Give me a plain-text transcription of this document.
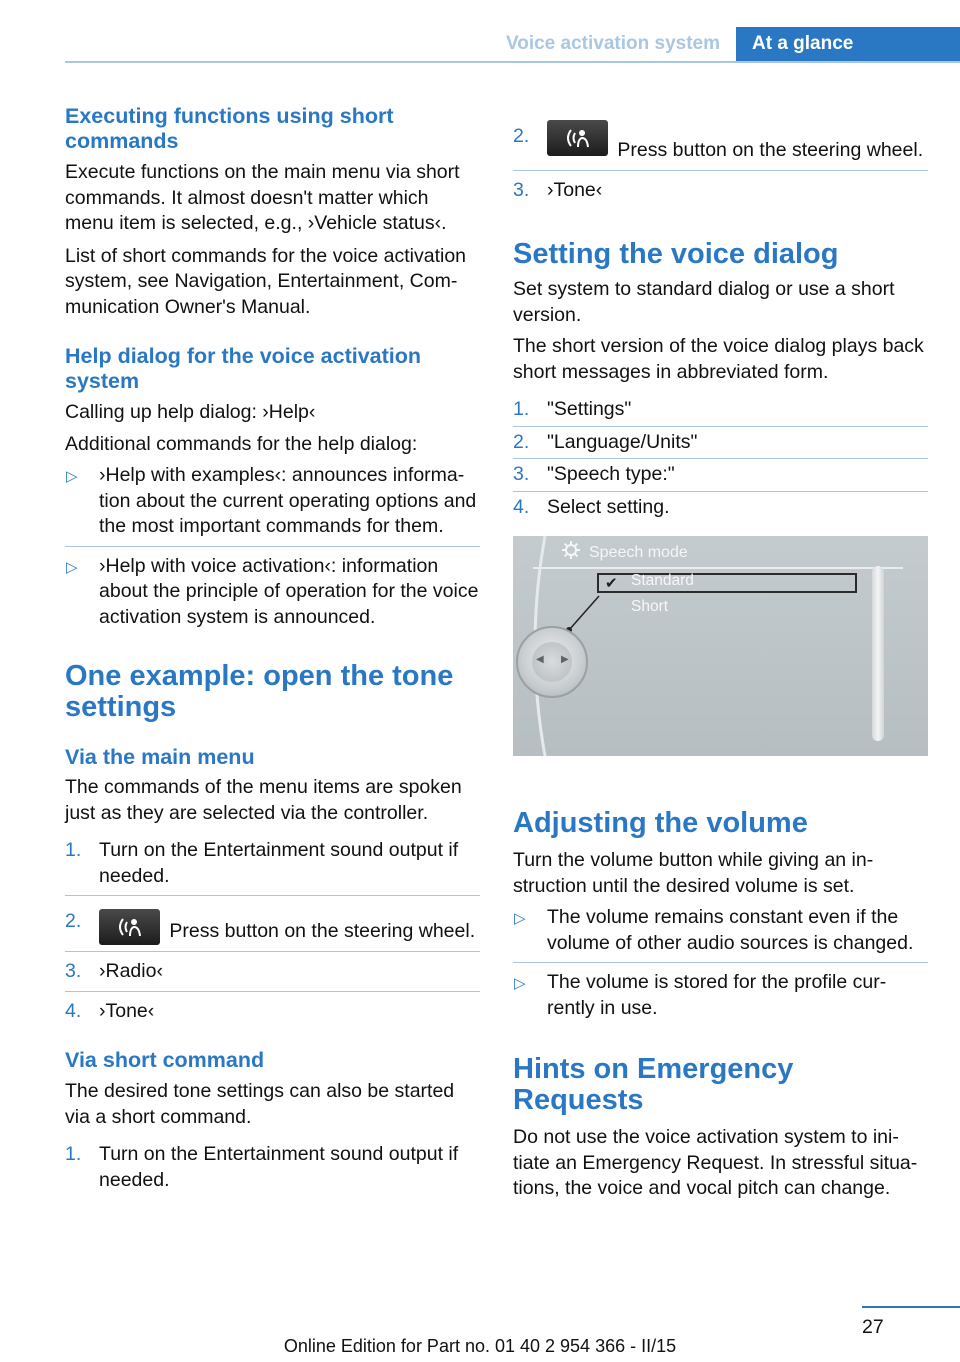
Voice activation system	At a glance
Executing functions using short commands

Execute functions on the main menu via short commands. It almost doesn't matter which menu item is selected, e.g., ›Vehicle status‹.

List of short commands for the voice activation system, see Navigation, Entertainment, Com- munication Owner's Manual.

Help dialog for the voice activation system

Calling up help dialog: ›Help‹

Additional commands for the help dialog:

▷ ›Help with examples‹: announces informa- tion about the current operating options and the most important commands for them.
▷ ›Help with voice activation‹: information about the principle of operation for the voice activation system is announced.
One example: open the tone settings
Via the main menu

The commands of the menu items are spoken just as they are selected via the controller.

1. Turn on the Entertainment sound output if needed.
2.	Press button on the steering wheel.
3. ›Radio‹
4. ›Tone‹
Via short command

The desired tone settings can also be started via a short command.

1. Turn on the Entertainment sound output if needed.
2.
Press button on the steering wheel.
3. ›Tone‹
Setting the voice dialog

Set system to standard dialog or use a short version.

The short version of the voice dialog plays back short messages in abbreviated form.

1. "Settings"
2. "Language/Units"
3. "Speech type:"
4. Select setting.
Speech mode
✔ Standard
Short
◀ ▶
Adjusting the volume

Turn the volume button while giving an in- struction until the desired volume is set.

▷ The volume remains constant even if the volume of other audio sources is changed.
▷ The volume is stored for the profile cur- rently in use.
Hints on Emergency Requests

Do not use the voice activation system to ini- tiate an Emergency Request. In stressful situa- tions, the voice and vocal pitch can change.

27
Online Edition for Part no. 01 40 2 954 366 - II/15
